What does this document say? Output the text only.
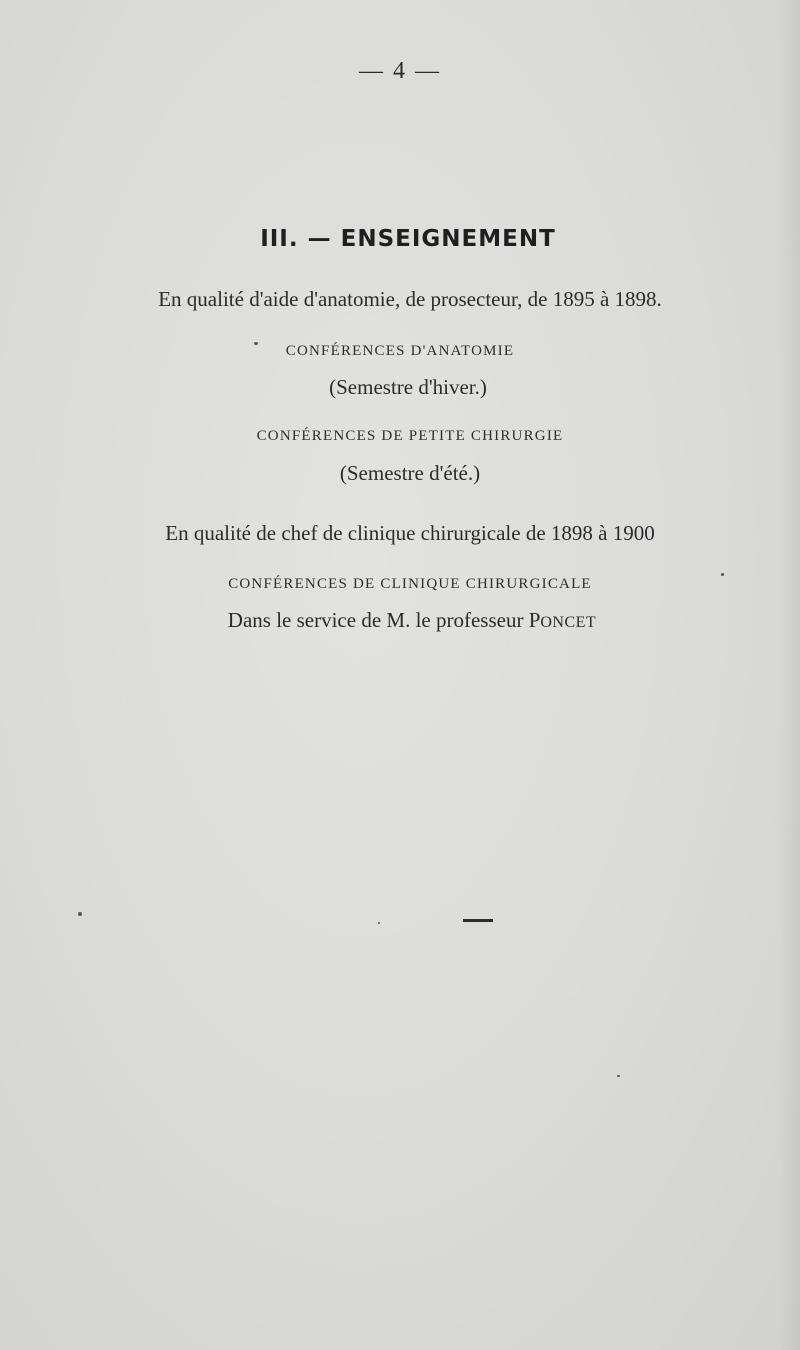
— 4 —
III. — ENSEIGNEMENT
En qualité d'aide d'anatomie, de prosecteur, de 1895 à 1898.
CONFÉRENCES D'ANATOMIE
(Semestre d'hiver.)
CONFÉRENCES DE PETITE CHIRURGIE
(Semestre d'été.)
En qualité de chef de clinique chirurgicale de 1898 à 1900
CONFÉRENCES DE CLINIQUE CHIRURGICALE
Dans le service de M. le professeur PONCET
